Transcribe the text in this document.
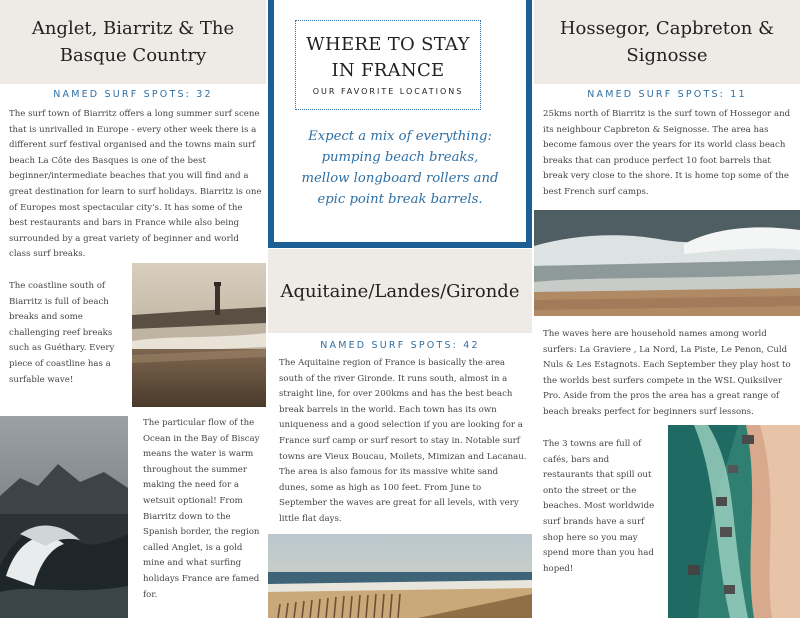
Anglet, Biarritz & The Basque Country
NAMED SURF SPOTS: 32
The surf town of Biarritz offers a long summer surf scene that is unrivalled in Europe - every other week there is a different surf festival organised and the towns main surf beach La Côte des Basques is one of the best beginner/intermediate beaches that you will find and a great destination for learn to surf holidays. Biarritz is one of Europes most spectacular city's. It has some of the best restaurants and bars in France while also being surrounded by a great variety of beginner and world class surf breaks.
The coastline south of Biarritz is full of beach breaks and some challenging reef breaks such as Guéthary. Every piece of coastline has a surfable wave!
The particular flow of the Ocean in the Bay of Biscay means the water is warm throughout the summer making the need for a wetsuit optional! From Biarritz down to the Spanish border, the region called Anglet, is a gold mine and what surfing holidays France are famed for.
WHERE TO STAY IN FRANCE
OUR FAVORITE LOCATIONS
Expect a mix of everything: pumping beach breaks, mellow longboard rollers and epic point break barrels.
Aquitaine/Landes/Gironde
NAMED SURF SPOTS: 42
The Aquitaine region of France is basically the area south of the river Gironde. It runs south, almost in a straight line, for over 200kms and has the best beach break barrels in the world. Each town has its own uniqueness and a good selection if you are looking for a France surf camp or surf resort to stay in. Notable surf towns are Vieux Boucau, Moilets, Mimizan and Lacanau. The area is also famous for its massive white sand dunes, some as high as 100 feet. From June to September the waves are great for all levels, with very little flat days.
Hossegor, Capbreton & Signosse
NAMED SURF SPOTS: 11
25kms north of Biarritz is the surf town of Hossegor and its neighbour Capbreton & Seignosse. The area has become famous over the years for its world class beach breaks that can produce perfect 10 foot barrels that break very close to the shore. It is home top some of the best French surf camps.
The waves here are household names among world surfers: La Graviere , La Nord, La Piste, Le Penon, Culd Nuls & Les Estagnots. Each September they play host to the worlds best surfers compete in the WSL Quiksilver Pro. Aside from the pros the area has a great range of beach breaks perfect for beginners surf lessons.
The 3 towns are full of cafés, bars and restaurants that spill out onto the street or the beaches. Most worldwide surf brands have a surf shop here so you may spend more than you had hoped!
